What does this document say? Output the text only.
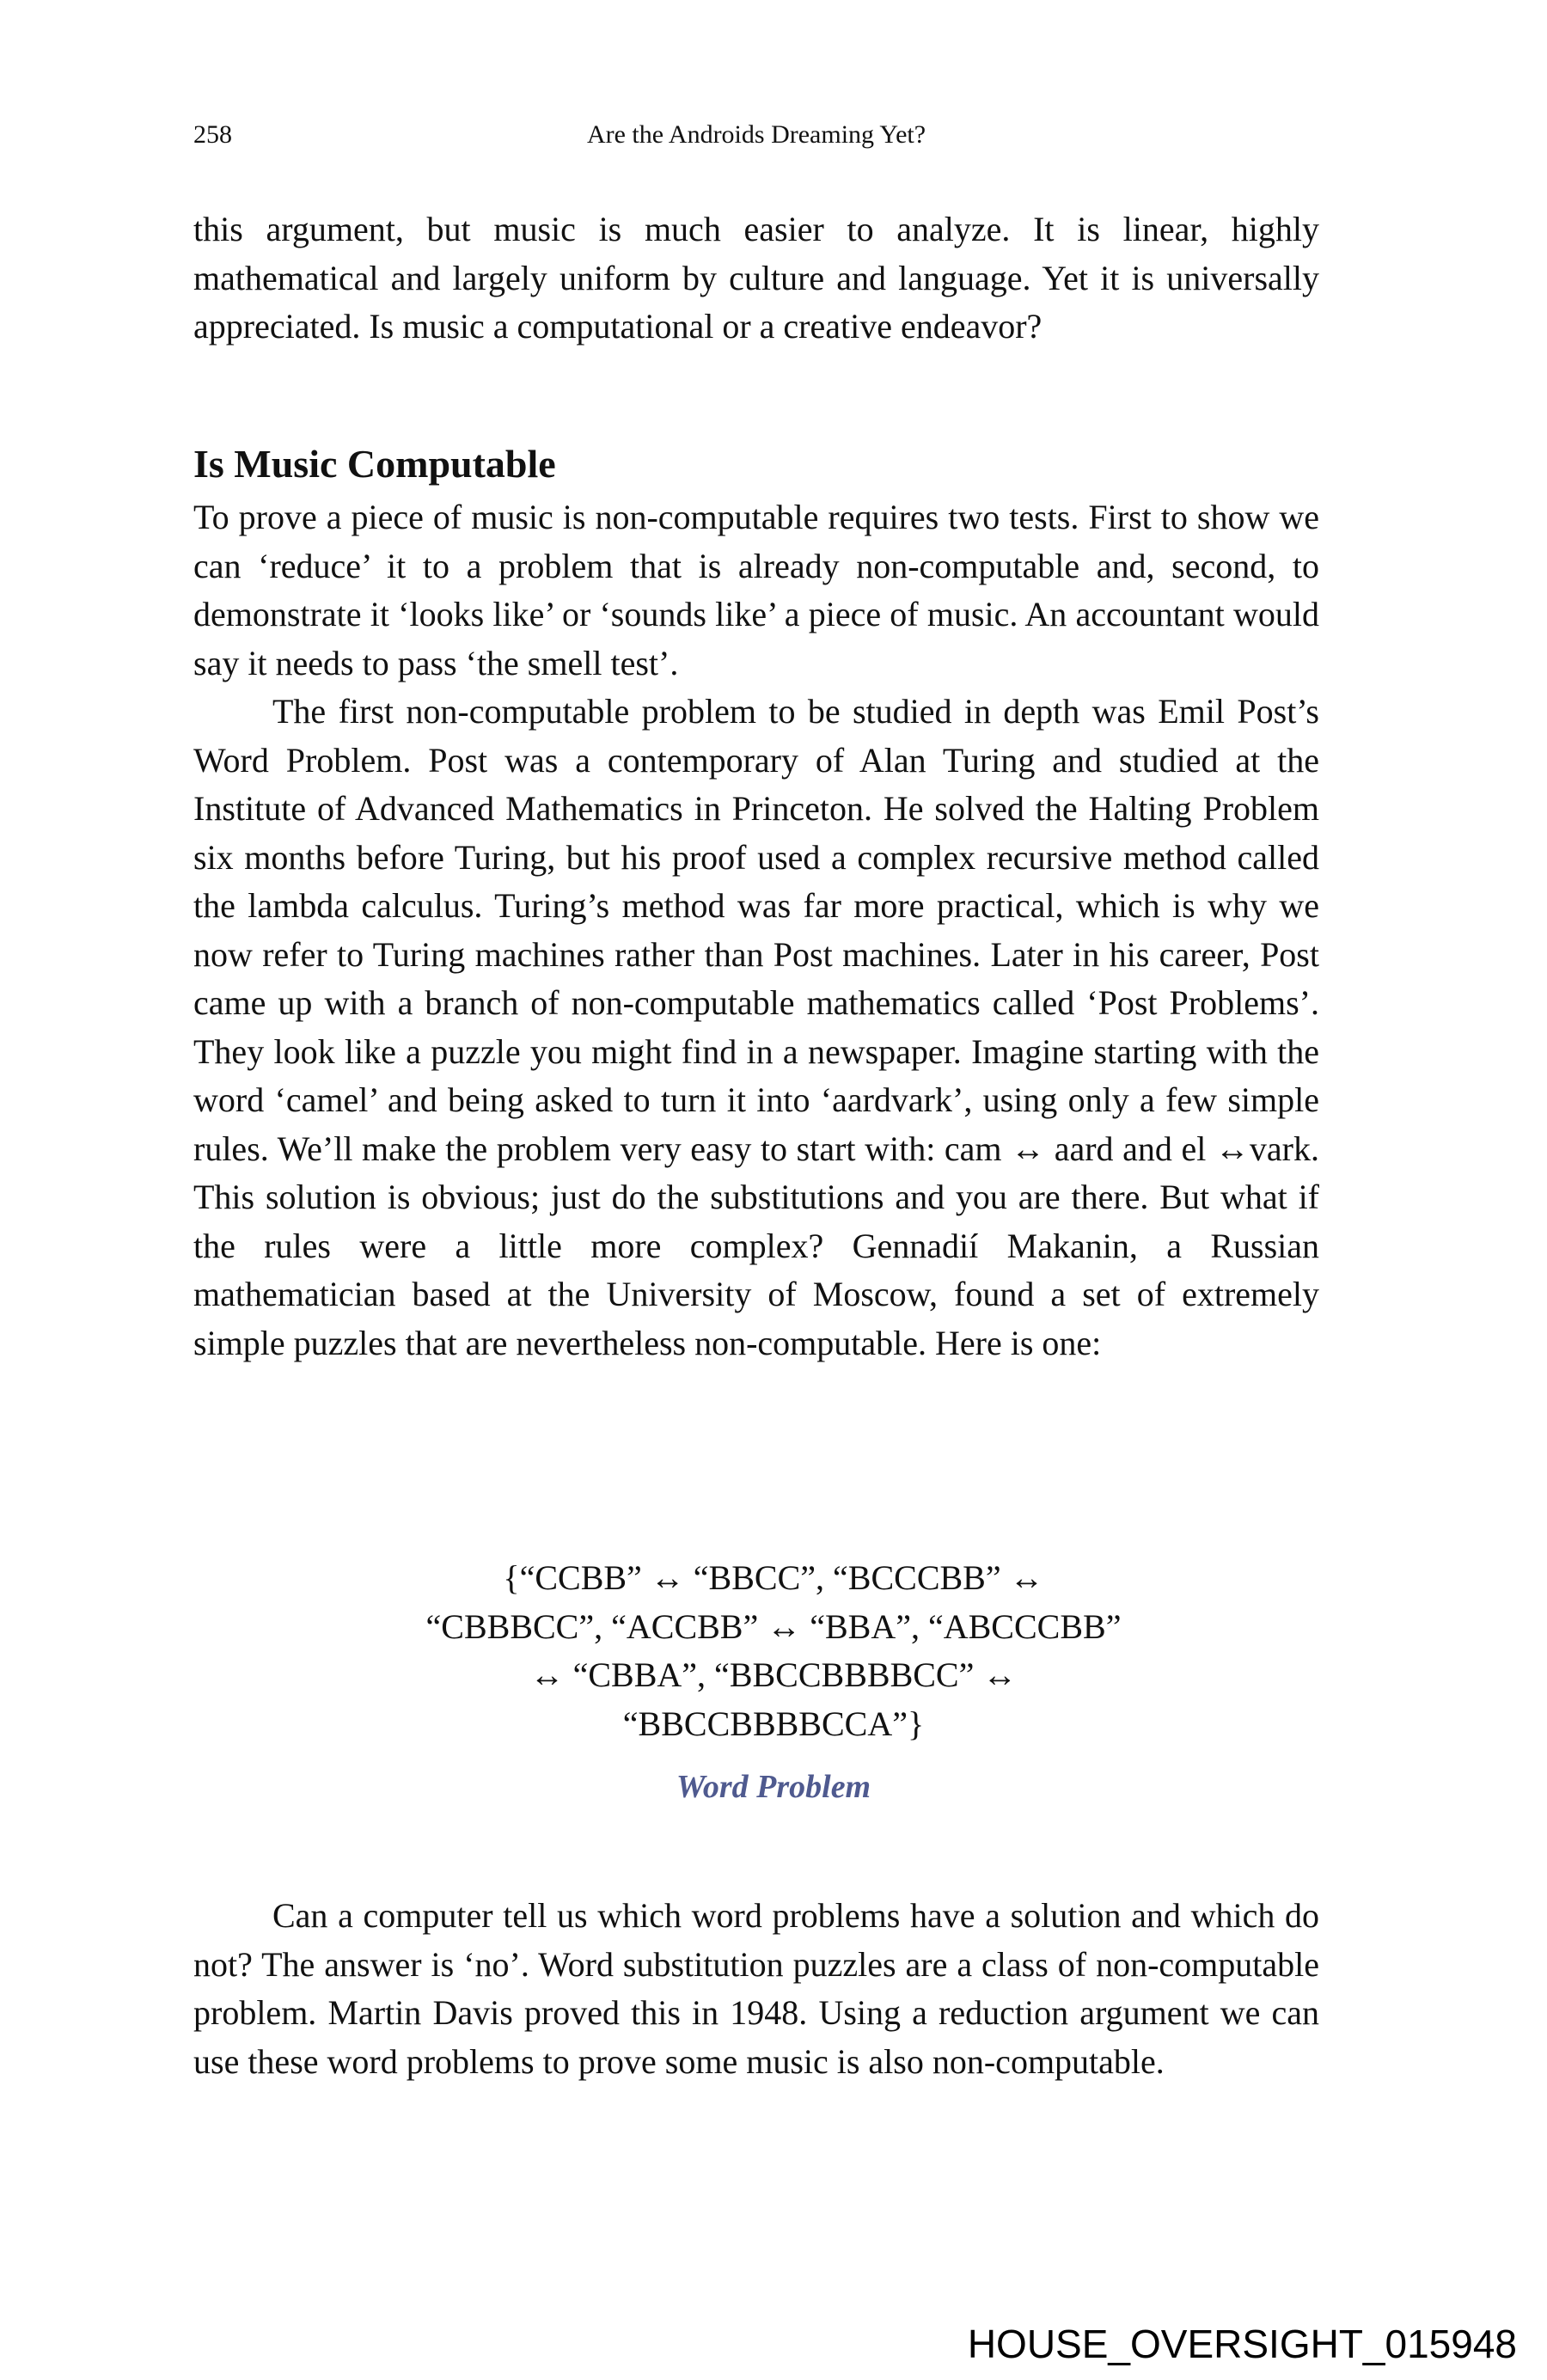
258	Are the Androids Dreaming Yet?

this argument, but music is much easier to analyze. It is linear, highly mathematical and largely uniform by culture and language. Yet it is universally appreciated. Is music a computational or a creative endeavor?

Is Music Computable

To prove a piece of music is non-computable requires two tests. First to show we can ‘reduce’ it to a problem that is already non-computable and, second, to demonstrate it ‘looks like’ or ‘sounds like’ a piece of music. An accountant would say it needs to pass ‘the smell test’.

The first non-computable problem to be studied in depth was Emil Post’s Word Problem. Post was a contemporary of Alan Turing and studied at the Institute of Advanced Mathematics in Princeton. He solved the Halting Problem six months before Turing, but his proof used a complex recursive method called the lambda calculus. Turing’s method was far more practical, which is why we now refer to Turing machines rather than Post machines. Later in his career, Post came up with a branch of non-computable mathematics called ‘Post Problems’. They look like a puzzle you might find in a newspaper. Imagine starting with the word ‘camel’ and being asked to turn it into ‘aardvark’, using only a few simple rules. We’ll make the problem very easy to start with: cam ↔ aard and el ↔vark. This solution is obvious; just do the substitutions and you are there. But what if the rules were a little more complex? Gennadií Makanin, a Russian mathematician based at the University of Moscow, found a set of extremely simple puzzles that are nevertheless non-computable. Here is one:

{“CCBB” ↔ “BBCC”, “BCCCBB” ↔
“CBBBCC”, “ACCBB” ↔ “BBA”, “ABCCCBB”
↔ “CBBA”, “BBCCBBBBCC” ↔
“BBCCBBBBCCA”}
Word Problem

Can a computer tell us which word problems have a solution and which do not? The answer is ‘no’. Word substitution puzzles are a class of non-computable problem. Martin Davis proved this in 1948. Using a reduction argument we can use these word problems to prove some music is also non-computable.

HOUSE_OVERSIGHT_015948
